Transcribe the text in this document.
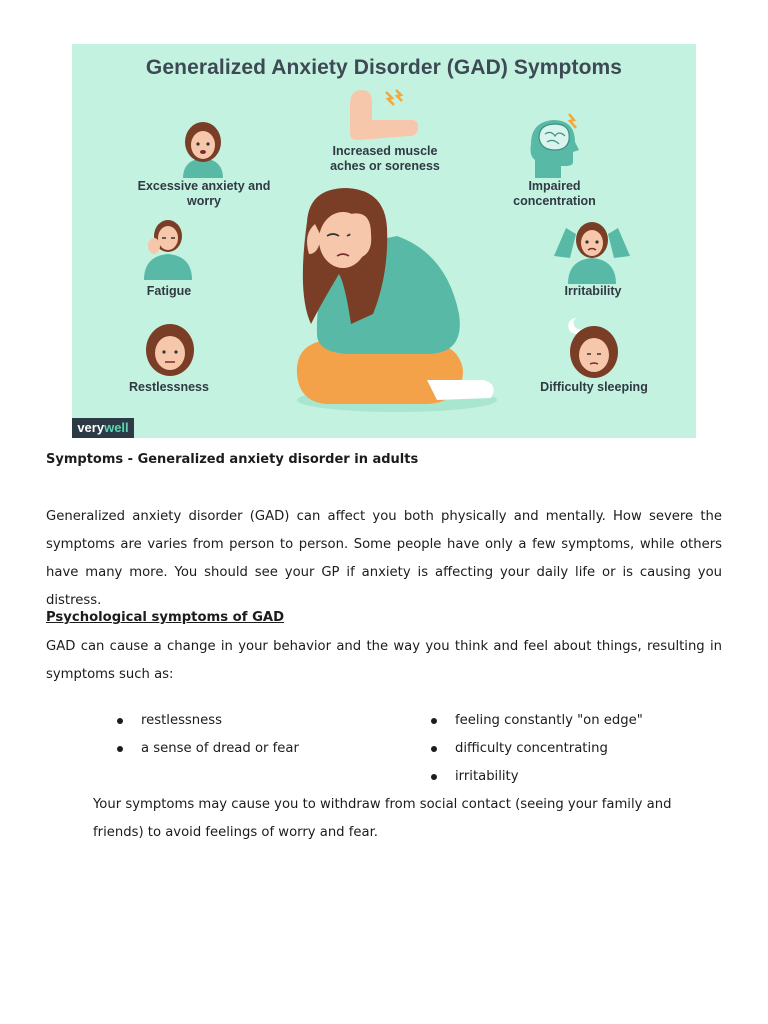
Generalized Anxiety Disorder (GAD) Symptoms
Increased muscle aches or soreness
Excessive anxiety and worry
Impaired concentration
Fatigue	Irritability
Restlessness	Difficulty sleeping
verywell
Symptoms - Generalized anxiety disorder in adults

Generalized anxiety disorder (GAD) can affect you both physically and mentally. How severe the symptoms are varies from person to person. Some people have only a few symptoms, while others have many more. You should see your GP if anxiety is affecting your daily life or is causing you distress.

Psychological symptoms of GAD

GAD can cause a change in your behavior and the way you think and feel about things, resulting in symptoms such as:

restlessness
a sense of dread or fear
feeling constantly "on edge"
difficulty concentrating
irritability
Your symptoms may cause you to withdraw from social contact (seeing your family and friends) to avoid feelings of worry and fear.
